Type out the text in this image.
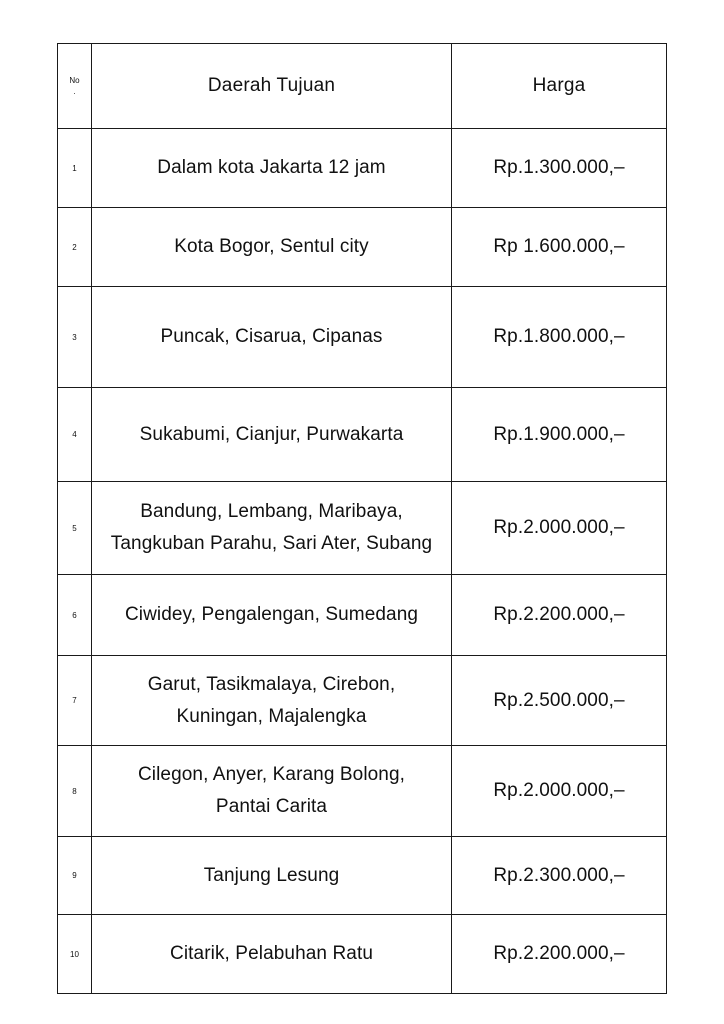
No
.	Daerah Tujuan	Harga
1	Dalam kota Jakarta 12 jam	Rp.1.300.000,–
2	Kota Bogor, Sentul city	Rp 1.600.000,–
3	Puncak, Cisarua, Cipanas	Rp.1.800.000,–
4	Sukabumi, Cianjur, Purwakarta	Rp.1.900.000,–
5	Bandung, Lembang, Maribaya,
Tangkuban Parahu, Sari Ater, Subang	Rp.2.000.000,–
6	Ciwidey, Pengalengan, Sumedang	Rp.2.200.000,–
7	Garut, Tasikmalaya, Cirebon,
Kuningan, Majalengka	Rp.2.500.000,–
8	Cilegon, Anyer, Karang Bolong,
Pantai Carita	Rp.2.000.000,–
9	Tanjung Lesung	Rp.2.300.000,–
10	Citarik, Pelabuhan Ratu	Rp.2.200.000,–
